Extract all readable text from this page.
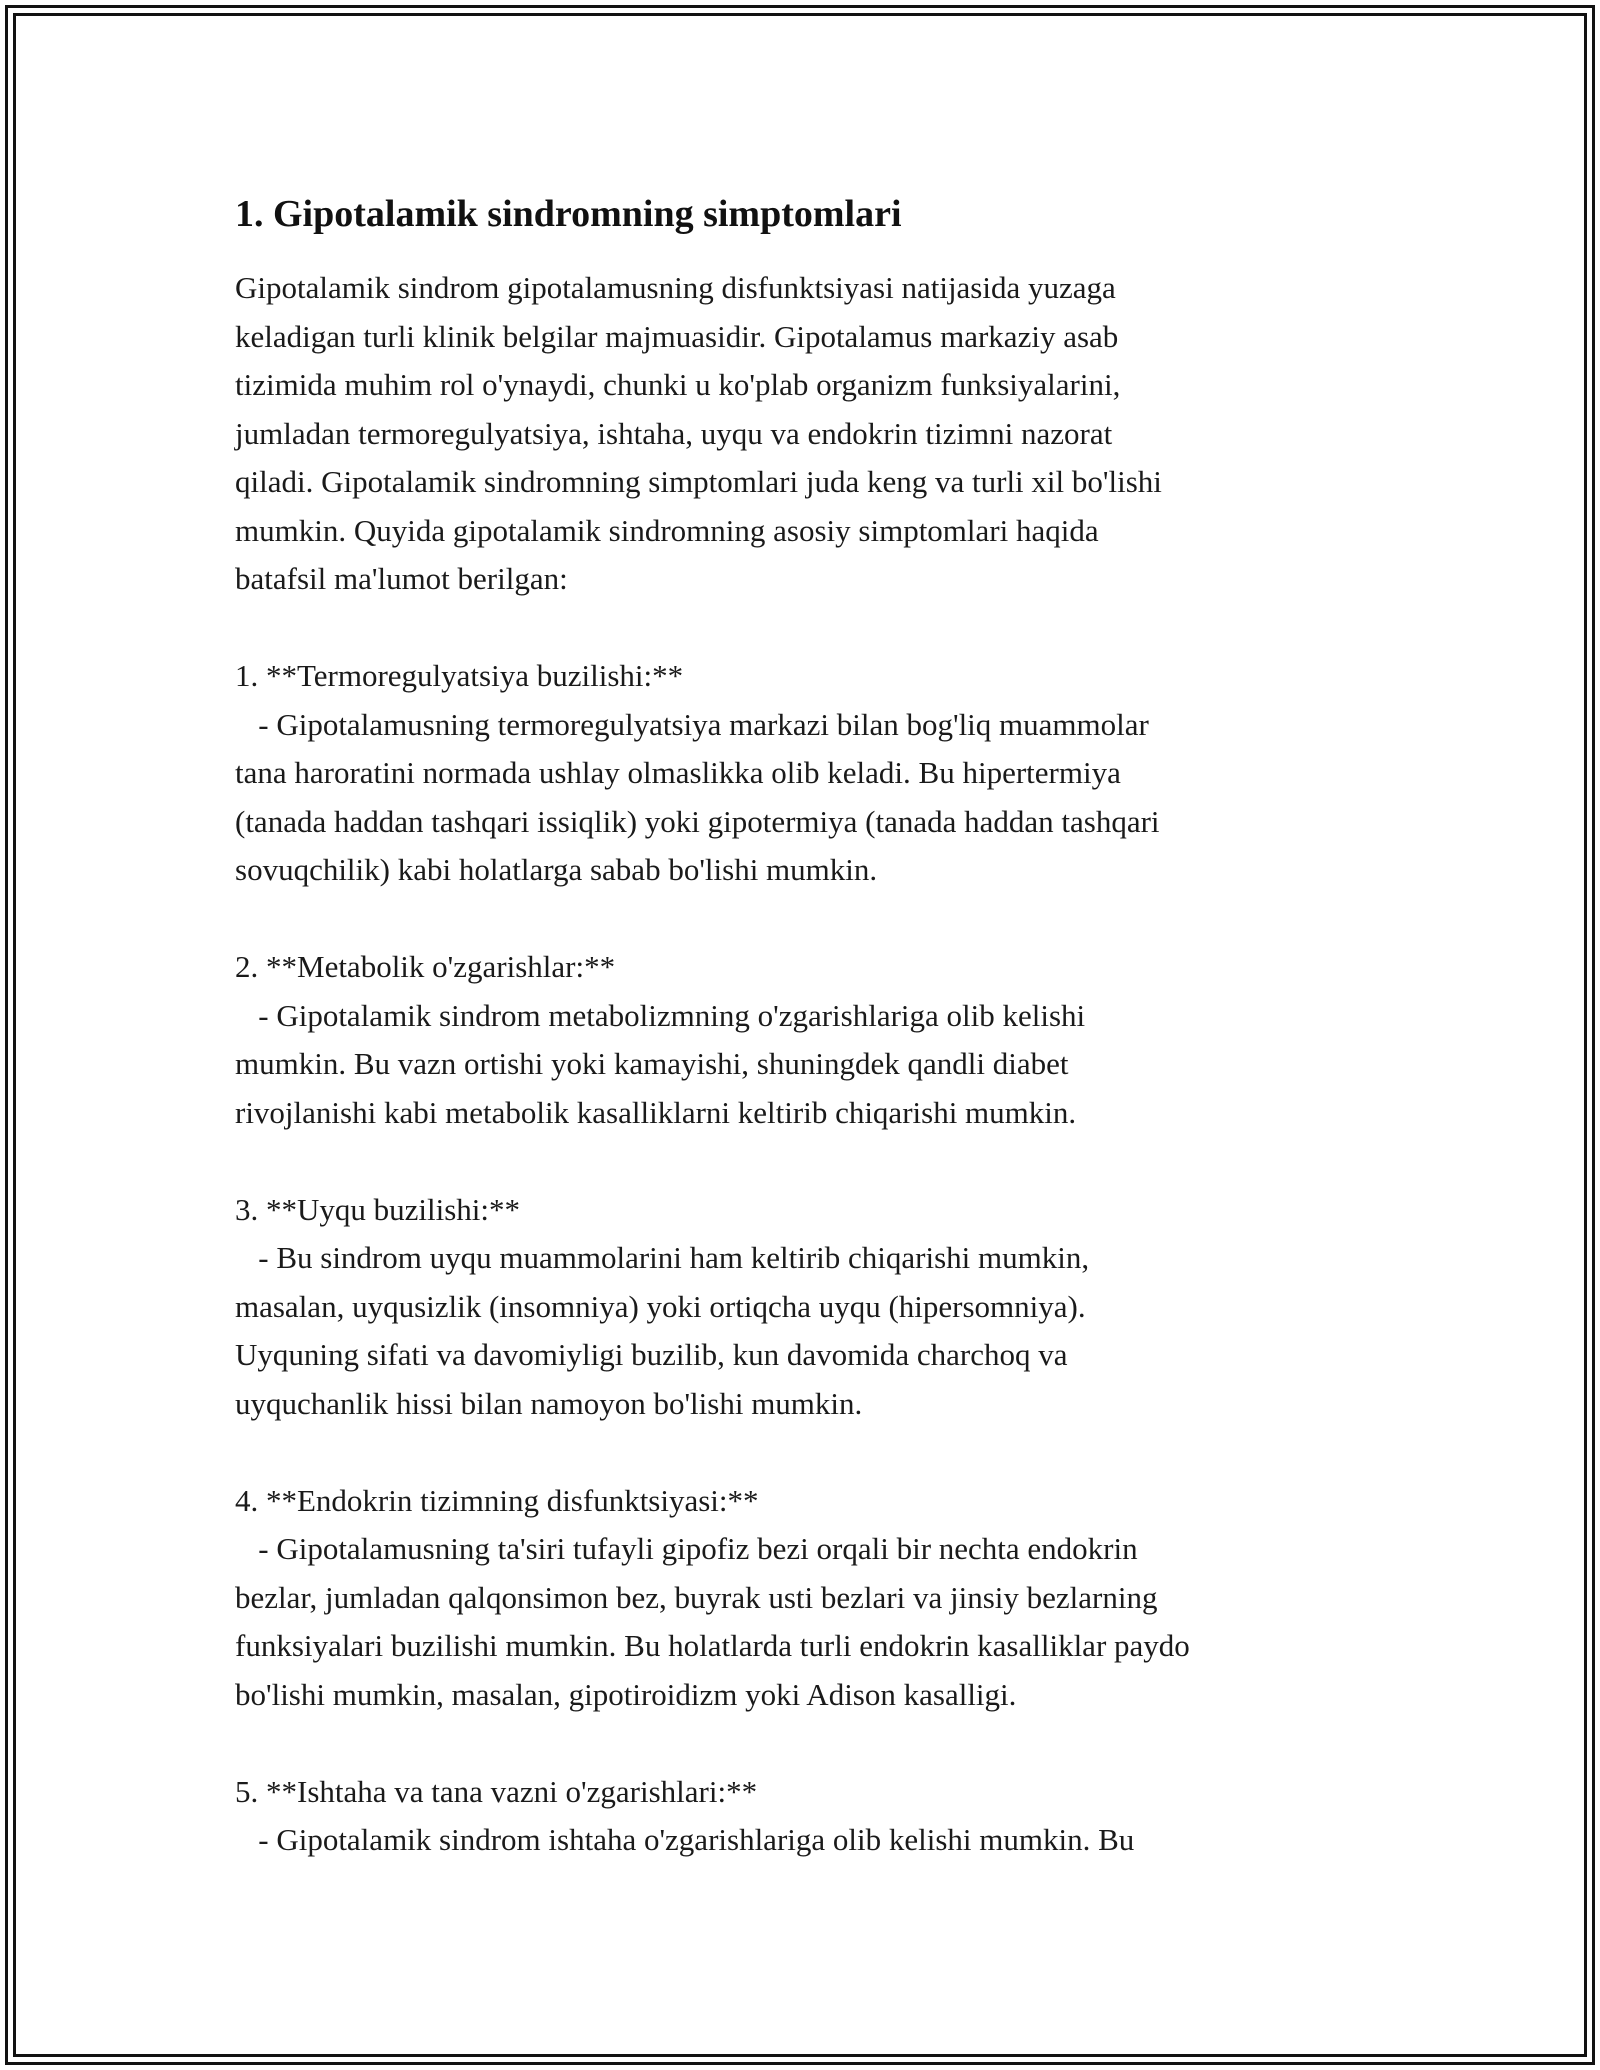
1. Gipotalamik sindromning simptomlari

Gipotalamik sindrom gipotalamusning disfunktsiyasi natijasida yuzaga
keladigan turli klinik belgilar majmuasidir. Gipotalamus markaziy asab
tizimida muhim rol o'ynaydi, chunki u ko'plab organizm funksiyalarini,
jumladan termoregulyatsiya, ishtaha, uyqu va endokrin tizimni nazorat
qiladi. Gipotalamik sindromning simptomlari juda keng va turli xil bo'lishi
mumkin. Quyida gipotalamik sindromning asosiy simptomlari haqida
batafsil ma'lumot berilgan:

1. **Termoregulyatsiya buzilishi:**
- Gipotalamusning termoregulyatsiya markazi bilan bog'liq muammolar
tana haroratini normada ushlay olmaslikka olib keladi. Bu hipertermiya
(tanada haddan tashqari issiqlik) yoki gipotermiya (tanada haddan tashqari
sovuqchilik) kabi holatlarga sabab bo'lishi mumkin.

2. **Metabolik o'zgarishlar:**
- Gipotalamik sindrom metabolizmning o'zgarishlariga olib kelishi
mumkin. Bu vazn ortishi yoki kamayishi, shuningdek qandli diabet
rivojlanishi kabi metabolik kasalliklarni keltirib chiqarishi mumkin.

3. **Uyqu buzilishi:**
- Bu sindrom uyqu muammolarini ham keltirib chiqarishi mumkin,
masalan, uyqusizlik (insomniya) yoki ortiqcha uyqu (hipersomniya).
Uyquning sifati va davomiyligi buzilib, kun davomida charchoq va
uyquchanlik hissi bilan namoyon bo'lishi mumkin.

4. **Endokrin tizimning disfunktsiyasi:**
- Gipotalamusning ta'siri tufayli gipofiz bezi orqali bir nechta endokrin
bezlar, jumladan qalqonsimon bez, buyrak usti bezlari va jinsiy bezlarning
funksiyalari buzilishi mumkin. Bu holatlarda turli endokrin kasalliklar paydo
bo'lishi mumkin, masalan, gipotiroidizm yoki Adison kasalligi.

5. **Ishtaha va tana vazni o'zgarishlari:**
- Gipotalamik sindrom ishtaha o'zgarishlariga olib kelishi mumkin. Bu
